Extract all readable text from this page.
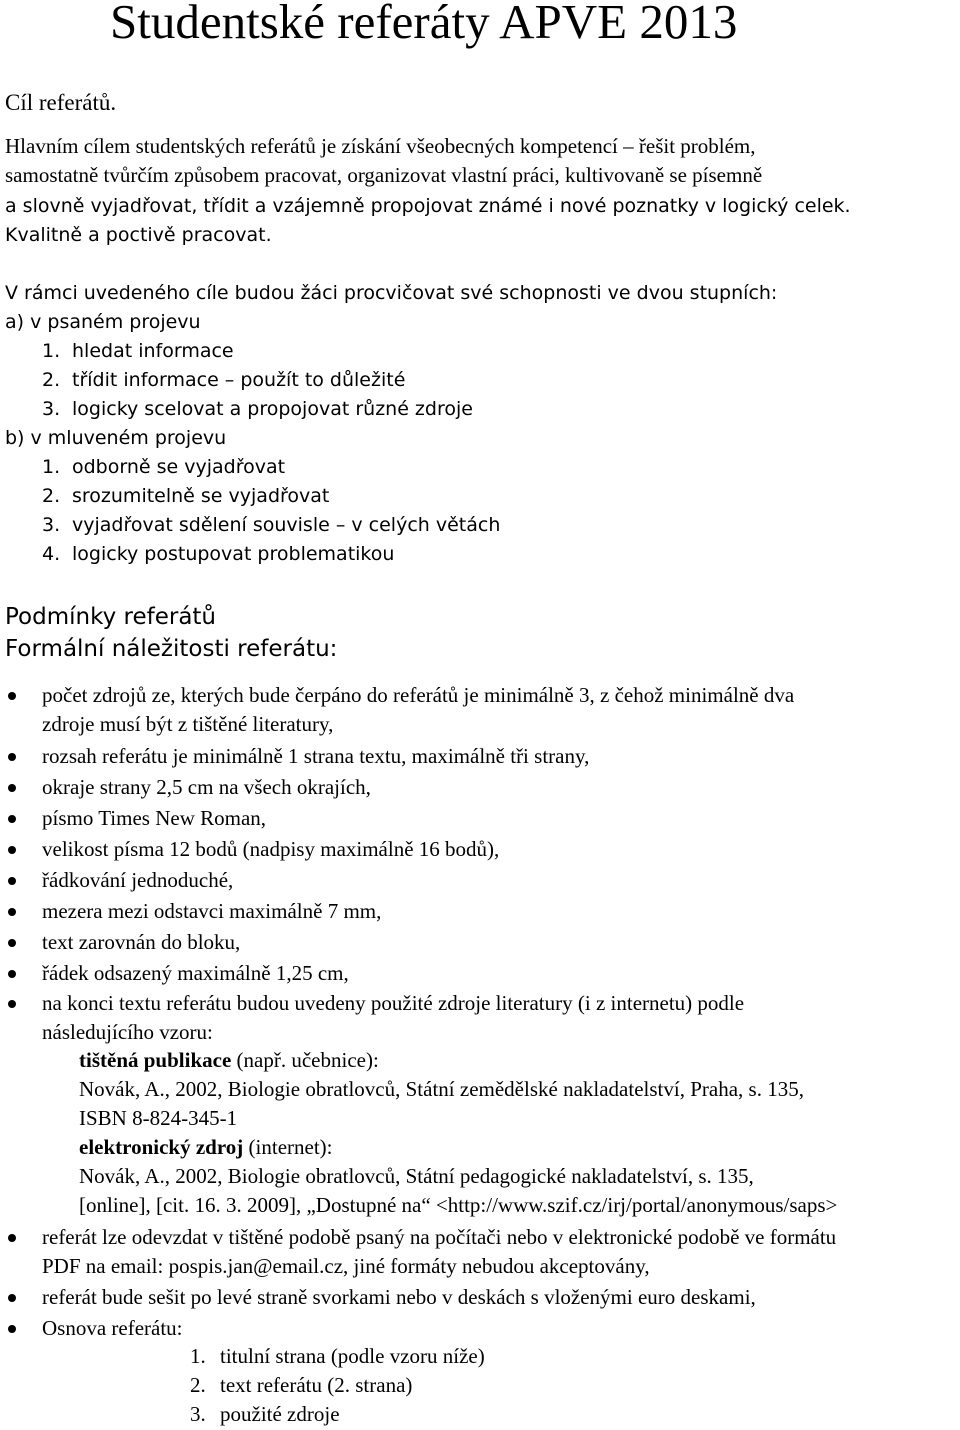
Studentské referáty APVE 2013
Cíl referátů.
Hlavním cílem studentských referátů je získání všeobecných kompetencí – řešit problém,
samostatně tvůrčím způsobem pracovat, organizovat vlastní práci, kultivovaně se písemně
a slovně vyjadřovat, třídit a vzájemně propojovat známé i nové poznatky v logický celek.
Kvalitně a poctivě pracovat.
V rámci uvedeného cíle budou žáci procvičovat své schopnosti ve dvou stupních:
a) v psaném projevu
1. hledat informace
2. třídit informace – použít to důležité
3. logicky scelovat a propojovat různé zdroje
b) v mluveném projevu
1. odborně se vyjadřovat
2. srozumitelně se vyjadřovat
3. vyjadřovat sdělení souvisle – v celých větách
4. logicky postupovat problematikou
Podmínky referátů
Formální náležitosti referátu:
počet zdrojů ze, kterých bude čerpáno do referátů je minimálně 3, z čehož minimálně dva
zdroje musí být z tištěné literatury,
rozsah referátu je minimálně 1 strana textu, maximálně tři strany,
okraje strany 2,5 cm na všech okrajích,
písmo Times New Roman,
velikost písma 12 bodů (nadpisy maximálně 16 bodů),
řádkování jednoduché,
mezera mezi odstavci maximálně 7 mm,
text zarovnán do bloku,
řádek odsazený maximálně 1,25 cm,
na konci textu referátu budou uvedeny použité zdroje literatury (i z internetu) podle
následujícího vzoru:
tištěná publikace (např. učebnice):
Novák, A., 2002, Biologie obratlovců, Státní zemědělské nakladatelství, Praha, s. 135,
ISBN 8-824-345-1
elektronický zdroj (internet):
Novák, A., 2002, Biologie obratlovců, Státní pedagogické nakladatelství, s. 135,
[online], [cit. 16. 3. 2009], „Dostupné na“ <http://www.szif.cz/irj/portal/anonymous/saps>
referát lze odevzdat v tištěné podobě psaný na počítači nebo v elektronické podobě ve formátu
PDF na email: pospis.jan@email.cz, jiné formáty nebudou akceptovány,
referát bude sešit po levé straně svorkami nebo v deskách s vloženými euro deskami,
Osnova referátu:
1. titulní strana (podle vzoru níže)
2. text referátu (2. strana)
3. použité zdroje
